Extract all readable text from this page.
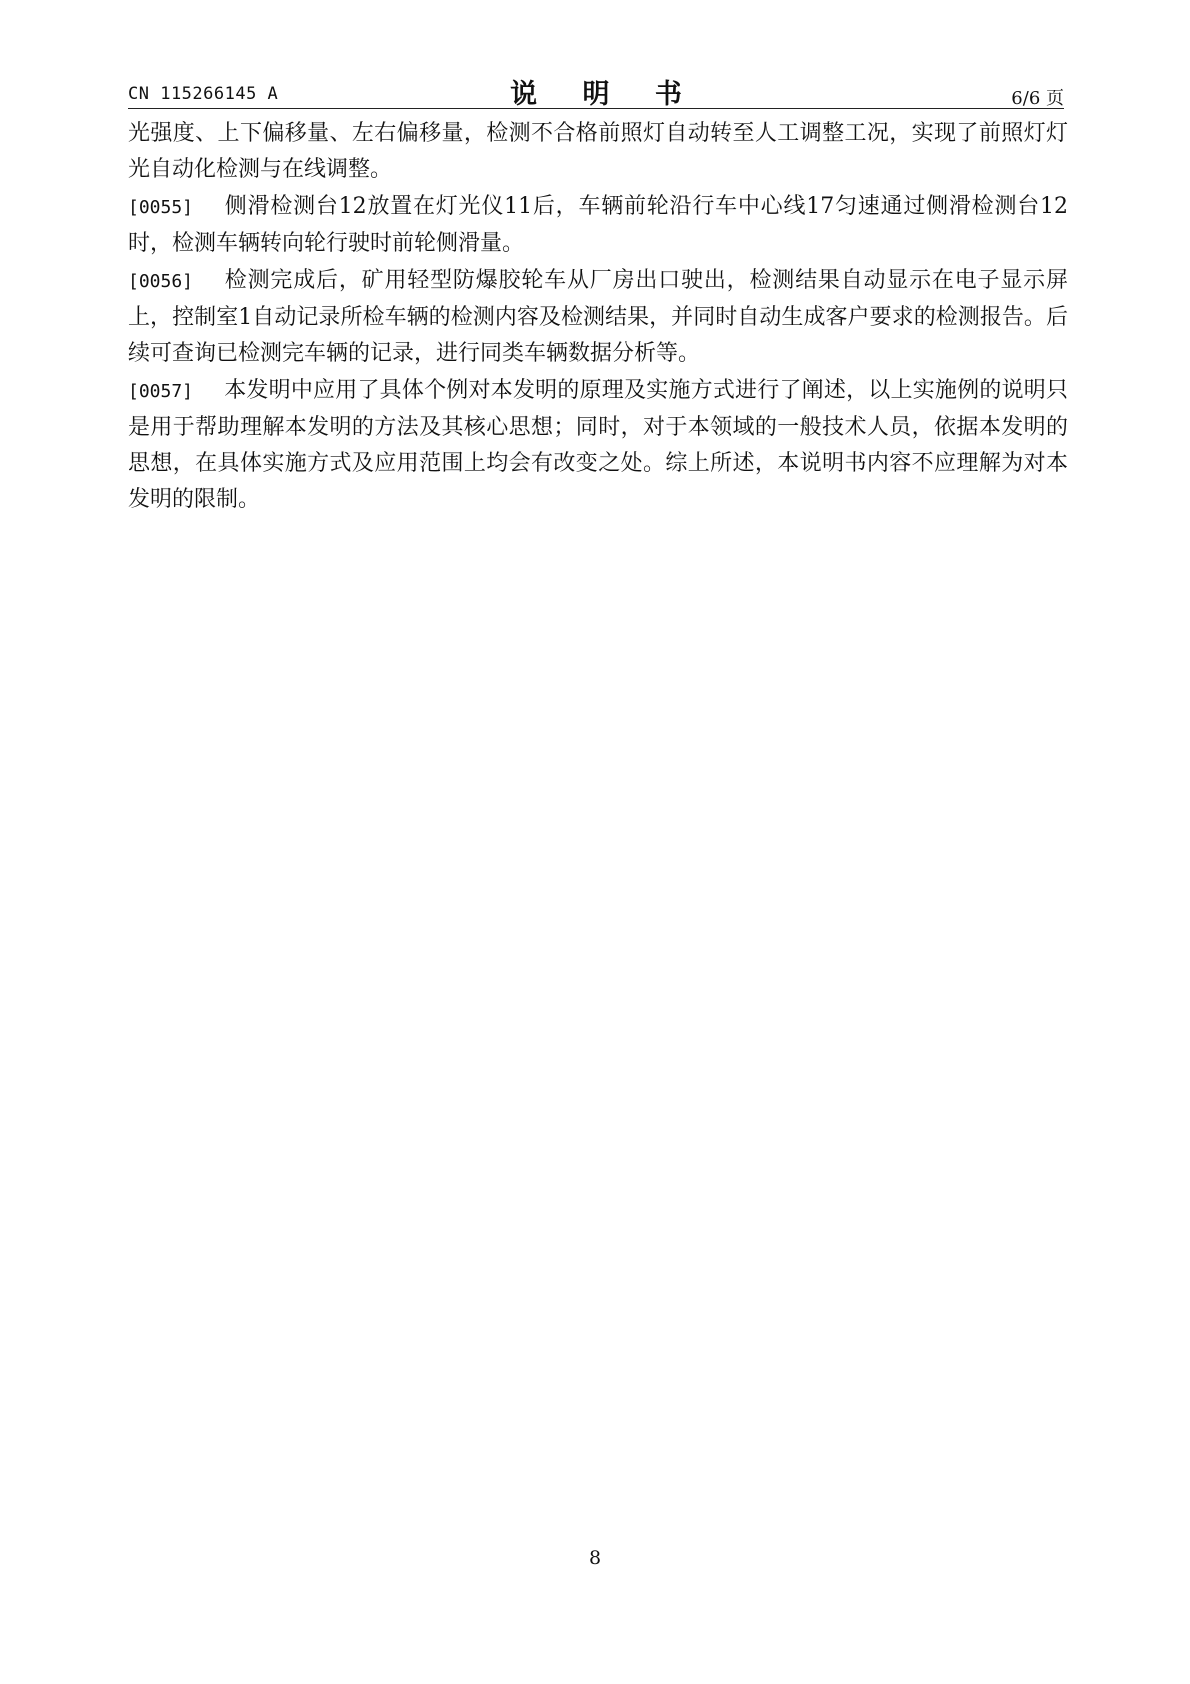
CN 115266145 A	说 明 书	6/6 页

光强度、上下偏移量、左右偏移量，检测不合格前照灯自动转至人工调整工况，实现了前照灯灯光自动化检测与在线调整。

[0055] 侧滑检测台12放置在灯光仪11后，车辆前轮沿行车中心线17匀速通过侧滑检测台12时，检测车辆转向轮行驶时前轮侧滑量。

[0056] 检测完成后，矿用轻型防爆胶轮车从厂房出口驶出，检测结果自动显示在电子显示屏上，控制室1自动记录所检车辆的检测内容及检测结果，并同时自动生成客户要求的检测报告。后续可查询已检测完车辆的记录，进行同类车辆数据分析等。

[0057] 本发明中应用了具体个例对本发明的原理及实施方式进行了阐述，以上实施例的说明只是用于帮助理解本发明的方法及其核心思想；同时，对于本领域的一般技术人员，依据本发明的思想，在具体实施方式及应用范围上均会有改变之处。综上所述，本说明书内容不应理解为对本发明的限制。

8
